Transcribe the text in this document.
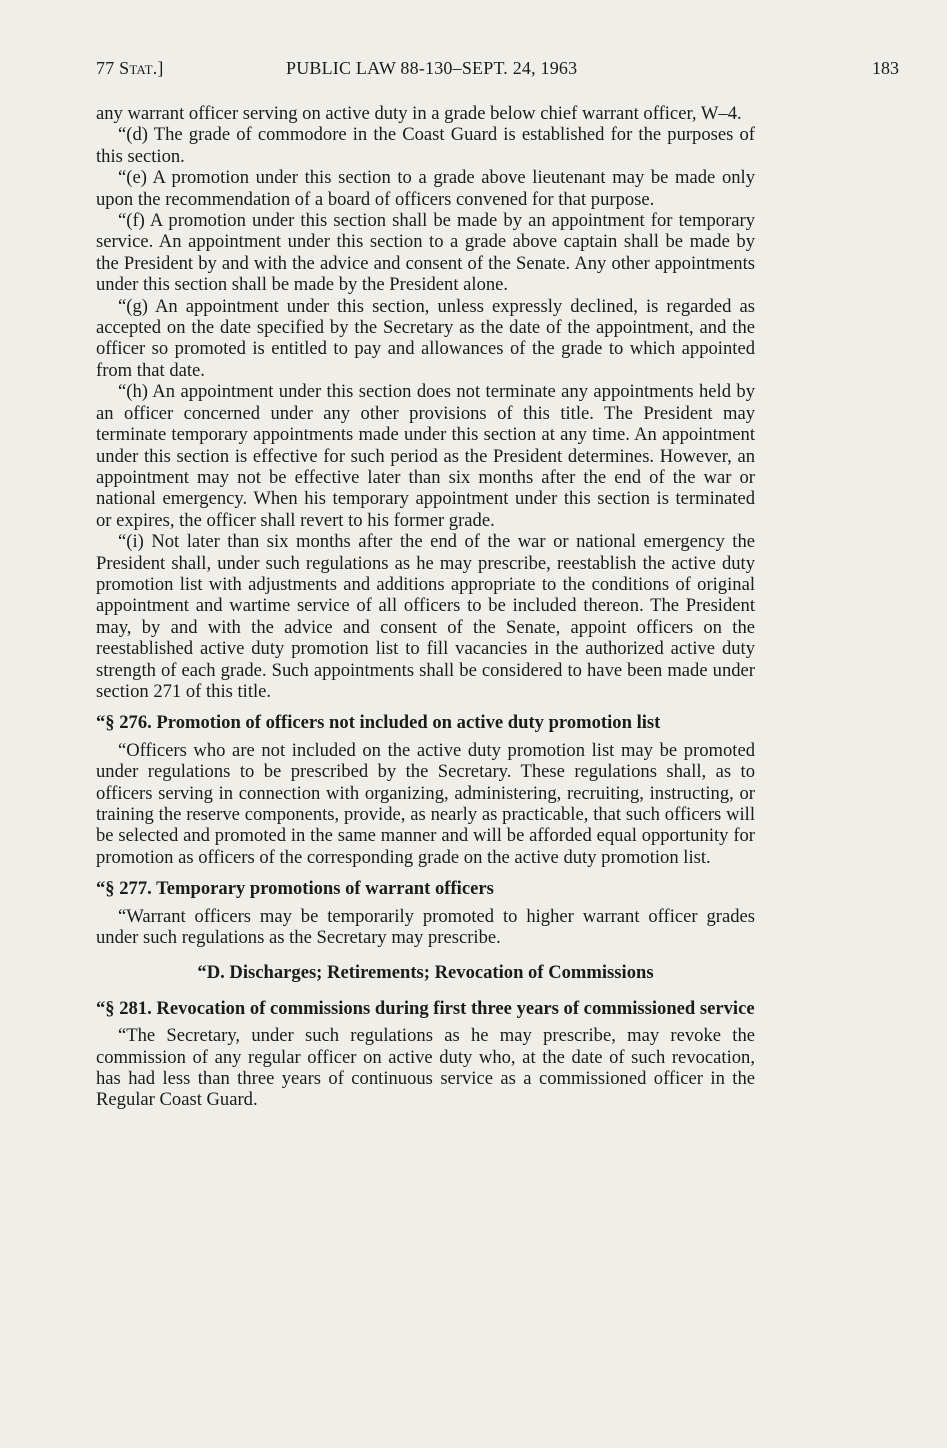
77 Stat.]	PUBLIC LAW 88-130–SEPT. 24, 1963	183

any warrant officer serving on active duty in a grade below chief warrant officer, W–4.

“(d) The grade of commodore in the Coast Guard is established for the purposes of this section.

“(e) A promotion under this section to a grade above lieutenant may be made only upon the recommendation of a board of officers convened for that purpose.

“(f) A promotion under this section shall be made by an appointment for temporary service. An appointment under this section to a grade above captain shall be made by the President by and with the advice and consent of the Senate. Any other appointments under this section shall be made by the President alone.

“(g) An appointment under this section, unless expressly declined, is regarded as accepted on the date specified by the Secretary as the date of the appointment, and the officer so promoted is entitled to pay and allowances of the grade to which appointed from that date.

“(h) An appointment under this section does not terminate any appointments held by an officer concerned under any other provisions of this title. The President may terminate temporary appointments made under this section at any time. An appointment under this section is effective for such period as the President determines. However, an appointment may not be effective later than six months after the end of the war or national emergency. When his temporary appointment under this section is terminated or expires, the officer shall revert to his former grade.

“(i) Not later than six months after the end of the war or national emergency the President shall, under such regulations as he may prescribe, reestablish the active duty promotion list with adjustments and additions appropriate to the conditions of original appointment and wartime service of all officers to be included thereon. The President may, by and with the advice and consent of the Senate, appoint officers on the reestablished active duty promotion list to fill vacancies in the authorized active duty strength of each grade. Such appointments shall be considered to have been made under section 271 of this title.

“§ 276. Promotion of officers not included on active duty promotion list

“Officers who are not included on the active duty promotion list may be promoted under regulations to be prescribed by the Secretary. These regulations shall, as to officers serving in connection with organizing, administering, recruiting, instructing, or training the reserve components, provide, as nearly as practicable, that such officers will be selected and promoted in the same manner and will be afforded equal opportunity for promotion as officers of the corresponding grade on the active duty promotion list.

“§ 277. Temporary promotions of warrant officers

“Warrant officers may be temporarily promoted to higher warrant officer grades under such regulations as the Secretary may prescribe.

“D. Discharges; Retirements; Revocation of Commissions
“§ 281. Revocation of commissions during first three years of commissioned service

“The Secretary, under such regulations as he may prescribe, may revoke the commission of any regular officer on active duty who, at the date of such revocation, has had less than three years of continuous service as a commissioned officer in the Regular Coast Guard.
